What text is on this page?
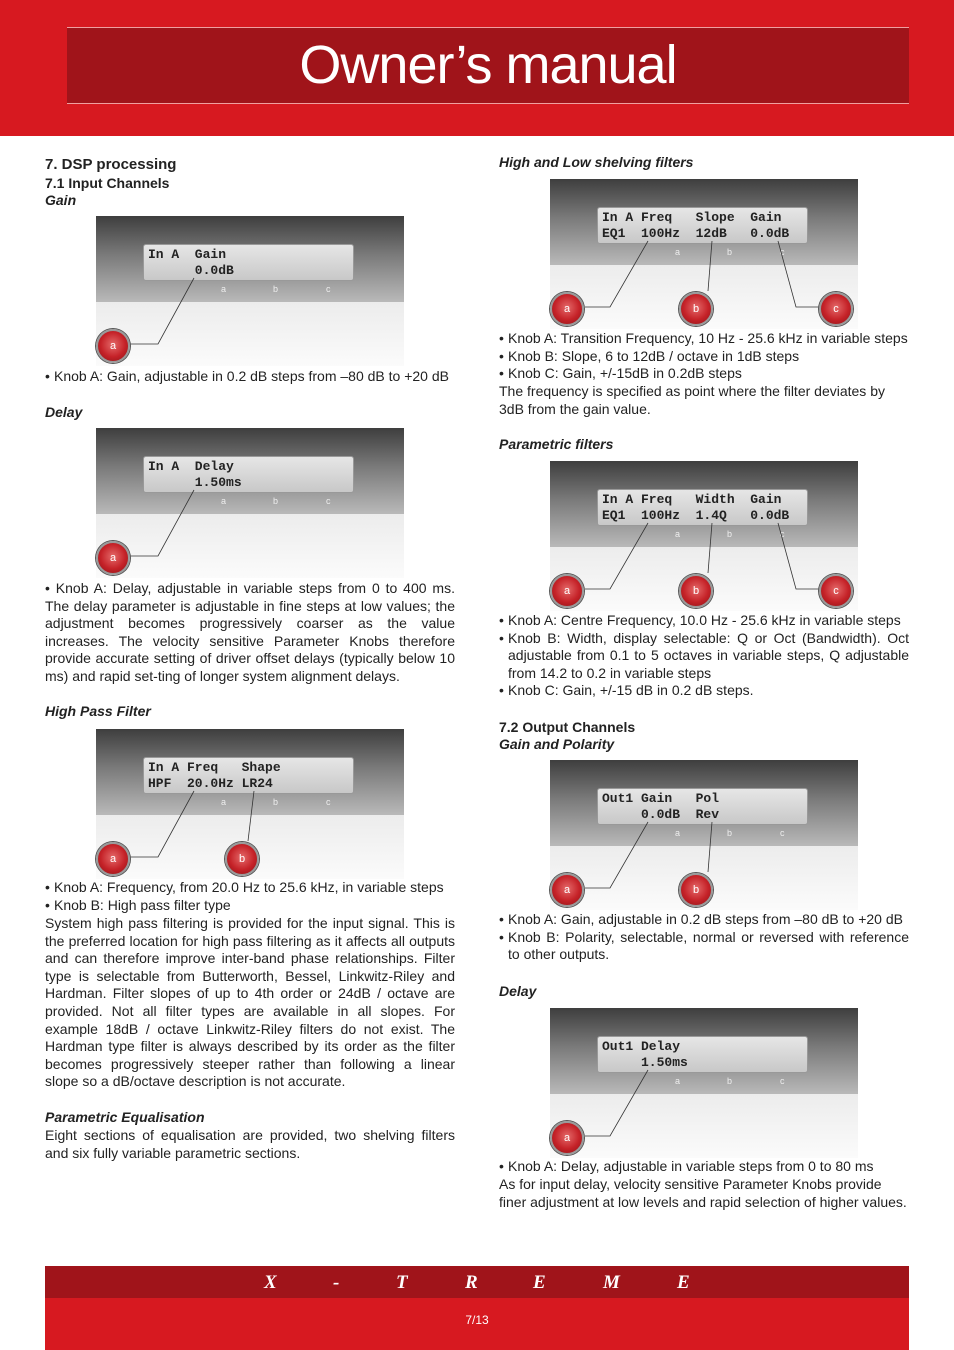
Owner’s manual
7. DSP processing
7.1 Input Channels
Gain
In A  Gain
0.0dB
a	b	c
a
• Knob A: Gain, adjustable in 0.2 dB steps from –80 dB to +20 dB
Delay
In A  Delay
1.50ms
a	b	c
a
• Knob A: Delay, adjustable in variable steps from 0 to 400 ms. The delay parameter is adjustable in fine steps at low values; the adjustment becomes progressively coarser as the value increases. The velocity sensitive Parameter Knobs therefore provide accurate setting of driver offset delays (typically below 10 ms) and rapid set-ting of longer system alignment delays.
High Pass Filter
In A Freq   Shape
HPF  20.0Hz LR24
a	b	c
a	b
• Knob A: Frequency, from 20.0 Hz to 25.6 kHz, in variable steps
• Knob B: High pass filter type
System high pass filtering is provided for the input signal. This is the preferred location for high pass filtering as it affects all outputs and can therefore improve inter-band phase relationships. Filter type is selectable from Butterworth, Bessel, Linkwitz-Riley and Hardman. Filter slopes of up to 4th order or 24dB / octave are provided. Not all filter types are available in all slopes. For example 18dB / octave Linkwitz-Riley filters do not exist. The Hardman type filter is always described by its order as the filter becomes progressively steeper rather than following a linear slope so a dB/octave description is not accurate.
Parametric Equalisation
Eight sections of equalisation are provided, two shelving filters and six fully variable parametric sections.
High and Low shelving filters
In A Freq   Slope  Gain
EQ1  100Hz  12dB   0.0dB
a	b	c
a	b	c
• Knob A: Transition Frequency, 10 Hz - 25.6 kHz in variable steps
• Knob B: Slope, 6 to 12dB / octave in 1dB steps
• Knob C: Gain, +/-15dB in 0.2dB steps
The frequency is specified as point where the filter deviates by 3dB from the gain value.
Parametric filters
In A Freq   Width  Gain
EQ1  100Hz  1.4Q   0.0dB
a	b	c
a	b	c
• Knob A: Centre Frequency, 10.0 Hz - 25.6 kHz in variable steps
• Knob B: Width, display selectable: Q or Oct (Bandwidth). Oct adjustable from 0.1 to 5 octaves in variable steps, Q adjustable from 14.2 to 0.2 in variable steps
• Knob C: Gain, +/-15 dB in 0.2 dB steps.
7.2 Output Channels
Gain and Polarity
Out1 Gain   Pol
0.0dB  Rev
a	b	c
a	b
• Knob A: Gain, adjustable in 0.2 dB steps from –80 dB to +20 dB
• Knob B: Polarity, selectable, normal or reversed with reference to other outputs.
Delay
Out1 Delay
1.50ms
a	b	c
a
• Knob A: Delay, adjustable in variable steps from 0 to 80 ms
As for input delay, velocity sensitive Parameter Knobs provide finer adjustment at low levels and rapid selection of higher values.
X	-	T	R	E	M	E
7/13
